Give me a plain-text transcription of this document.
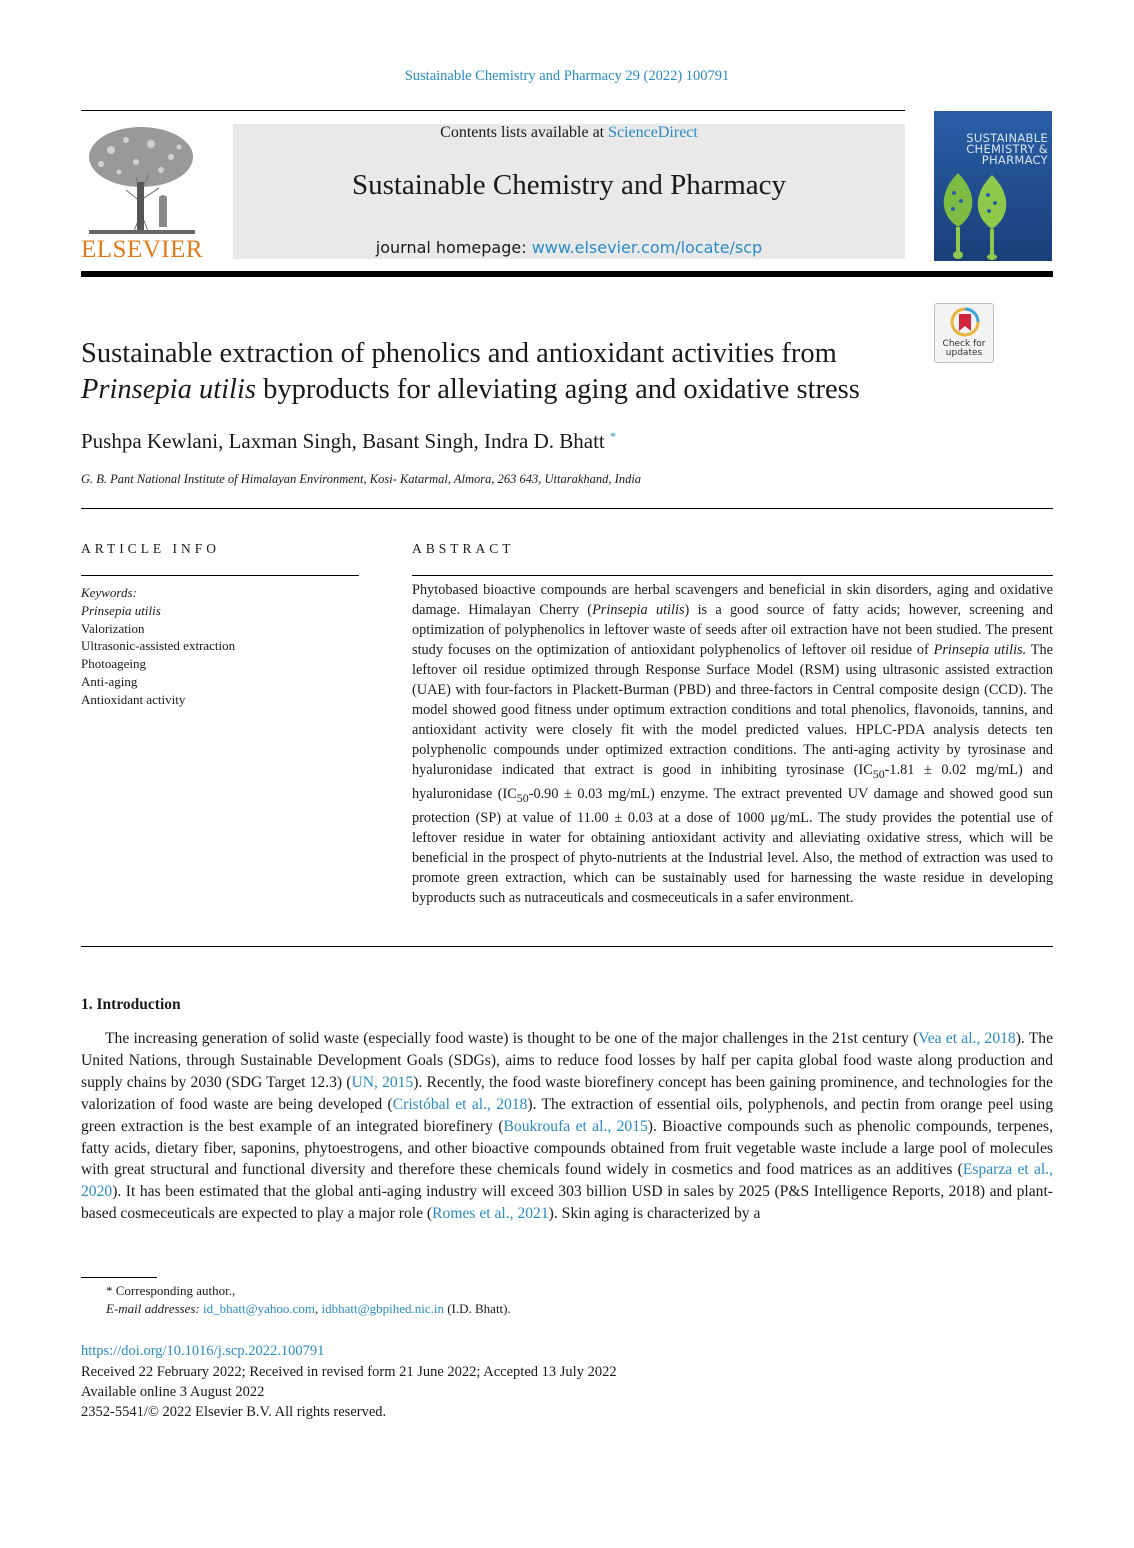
Sustainable Chemistry and Pharmacy 29 (2022) 100791
ELSEVIER
Contents lists available at ScienceDirect
Sustainable Chemistry and Pharmacy
journal homepage: www.elsevier.com/locate/scp
SUSTAINABLE
CHEMISTRY &
PHARMACY
Check for updates
Sustainable extraction of phenolics and antioxidant activities from
Prinsepia utilis byproducts for alleviating aging and oxidative stress
Pushpa Kewlani, Laxman Singh, Basant Singh, Indra D. Bhatt *
G. B. Pant National Institute of Himalayan Environment, Kosi- Katarmal, Almora, 263 643, Uttarakhand, India
ARTICLE INFO	ABSTRACT
Keywords:
Prinsepia utilis
Valorization
Ultrasonic-assisted extraction
Photoageing
Anti-aging
Antioxidant activity
Phytobased bioactive compounds are herbal scavengers and beneficial in skin disorders, aging and oxidative damage. Himalayan Cherry (Prinsepia utilis) is a good source of fatty acids; however, screening and optimization of polyphenolics in leftover waste of seeds after oil extraction have not been studied. The present study focuses on the optimization of antioxidant polyphenolics of leftover oil residue of Prinsepia utilis. The leftover oil residue optimized through Response Surface Model (RSM) using ultrasonic assisted extraction (UAE) with four-factors in Plackett-Burman (PBD) and three-factors in Central composite design (CCD). The model showed good fitness under optimum extraction conditions and total phenolics, flavonoids, tannins, and antioxidant activity were closely fit with the model predicted values. HPLC-PDA analysis detects ten polyphenolic compounds under optimized extraction conditions. The anti-aging activity by tyrosinase and hyaluronidase indicated that extract is good in inhibiting tyrosinase ($IC_{50}-1.81 \pm 0.02$ mg/mL) and hyaluronidase ($IC_{50}-0.90 \pm 0.03$ mg/mL) enzyme. The extract prevented UV damage and showed good sun protection (SP) at value of 11.00 ± 0.03 at a dose of 1000 μg/mL. The study provides the potential use of leftover residue in water for obtaining antioxidant activity and alleviating oxidative stress, which will be beneficial in the prospect of phyto-nutrients at the Industrial level. Also, the method of extraction was used to promote green extraction, which can be sustainably used for harnessing the waste residue in developing byproducts such as nutraceuticals and cosmeceuticals in a safer environment.
1. Introduction
The increasing generation of solid waste (especially food waste) is thought to be one of the major challenges in the 21st century (Vea et al., 2018). The United Nations, through Sustainable Development Goals (SDGs), aims to reduce food losses by half per capita global food waste along production and supply chains by 2030 (SDG Target 12.3) (UN, 2015). Recently, the food waste biorefinery concept has been gaining prominence, and technologies for the valorization of food waste are being developed (Cristóbal et al., 2018). The extraction of essential oils, polyphenols, and pectin from orange peel using green extraction is the best example of an integrated biorefinery (Boukroufa et al., 2015). Bioactive compounds such as phenolic compounds, terpenes, fatty acids, dietary fiber, saponins, phytoestrogens, and other bioactive compounds obtained from fruit vegetable waste include a large pool of molecules with great structural and functional diversity and therefore these chemicals found widely in cosmetics and food matrices as an additives (Esparza et al., 2020). It has been estimated that the global anti-aging industry will exceed 303 billion USD in sales by 2025 (P&S Intelligence Reports, 2018) and plant-based cosmeceuticals are expected to play a major role (Romes et al., 2021). Skin aging is characterized by a
* Corresponding author.,
E-mail addresses: id_bhatt@yahoo.com, idbhatt@gbpihed.nic.in (I.D. Bhatt).
https://doi.org/10.1016/j.scp.2022.100791
Received 22 February 2022; Received in revised form 21 June 2022; Accepted 13 July 2022
Available online 3 August 2022
2352-5541/© 2022 Elsevier B.V. All rights reserved.
